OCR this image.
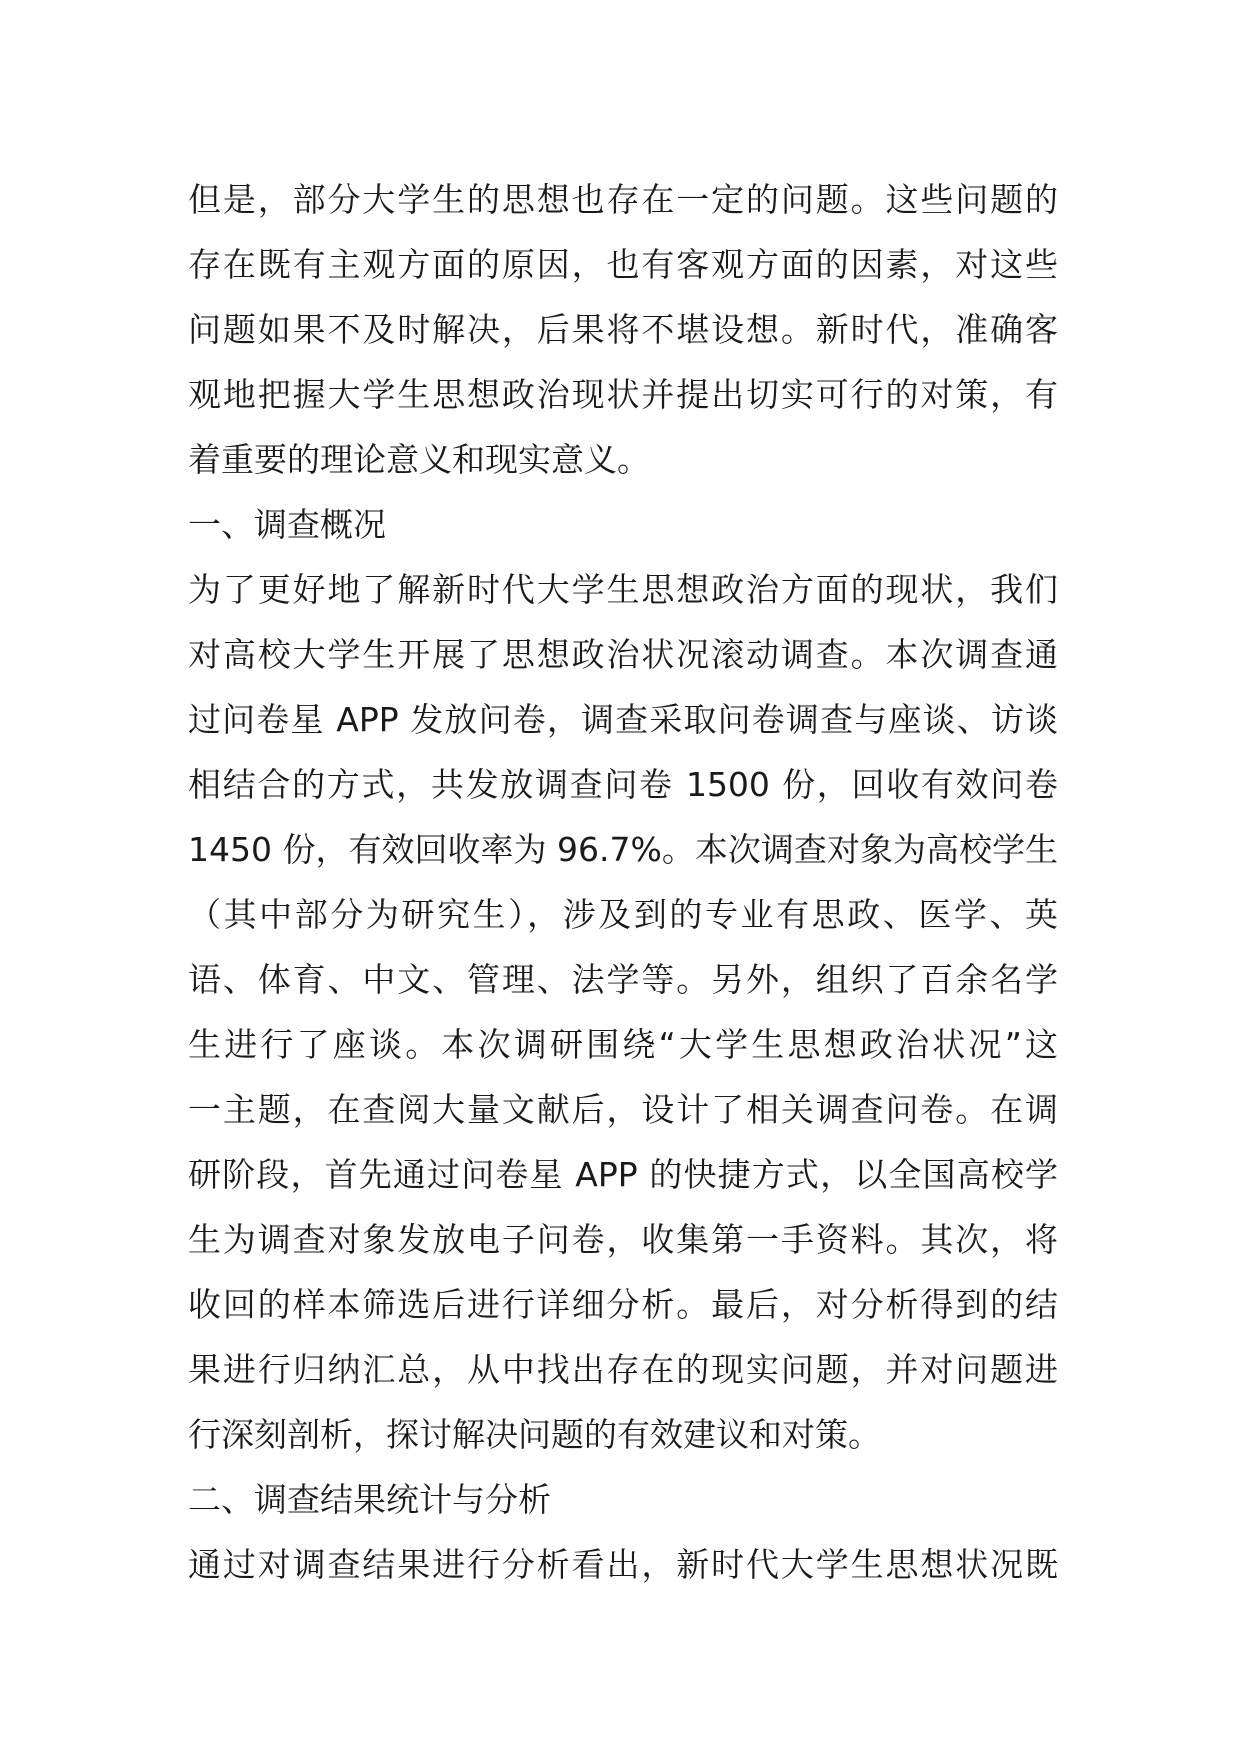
但是，部分大学生的思想也存在一定的问题。这些问题的
存在既有主观方面的原因，也有客观方面的因素，对这些
问题如果不及时解决，后果将不堪设想。新时代，准确客
观地把握大学生思想政治现状并提出切实可行的对策，有
着重要的理论意义和现实意义。
一、调查概况
为了更好地了解新时代大学生思想政治方面的现状，我们
对高校大学生开展了思想政治状况滚动调查。本次调查通
过问卷星 APP 发放问卷，调查采取问卷调查与座谈、访谈
相结合的方式，共发放调查问卷 1500 份，回收有效问卷
1450 份，有效回收率为 96.7%。本次调查对象为高校学生
（其中部分为研究生），涉及到的专业有思政、医学、英
语、体育、中文、管理、法学等。另外，组织了百余名学
生进行了座谈。本次调研围绕“大学生思想政治状况”这
一主题，在查阅大量文献后，设计了相关调查问卷。在调
研阶段，首先通过问卷星 APP 的快捷方式，以全国高校学
生为调查对象发放电子问卷，收集第一手资料。其次，将
收回的样本筛选后进行详细分析。最后，对分析得到的结
果进行归纳汇总，从中找出存在的现实问题，并对问题进
行深刻剖析，探讨解决问题的有效建议和对策。
二、调查结果统计与分析
通过对调查结果进行分析看出，新时代大学生思想状况既
